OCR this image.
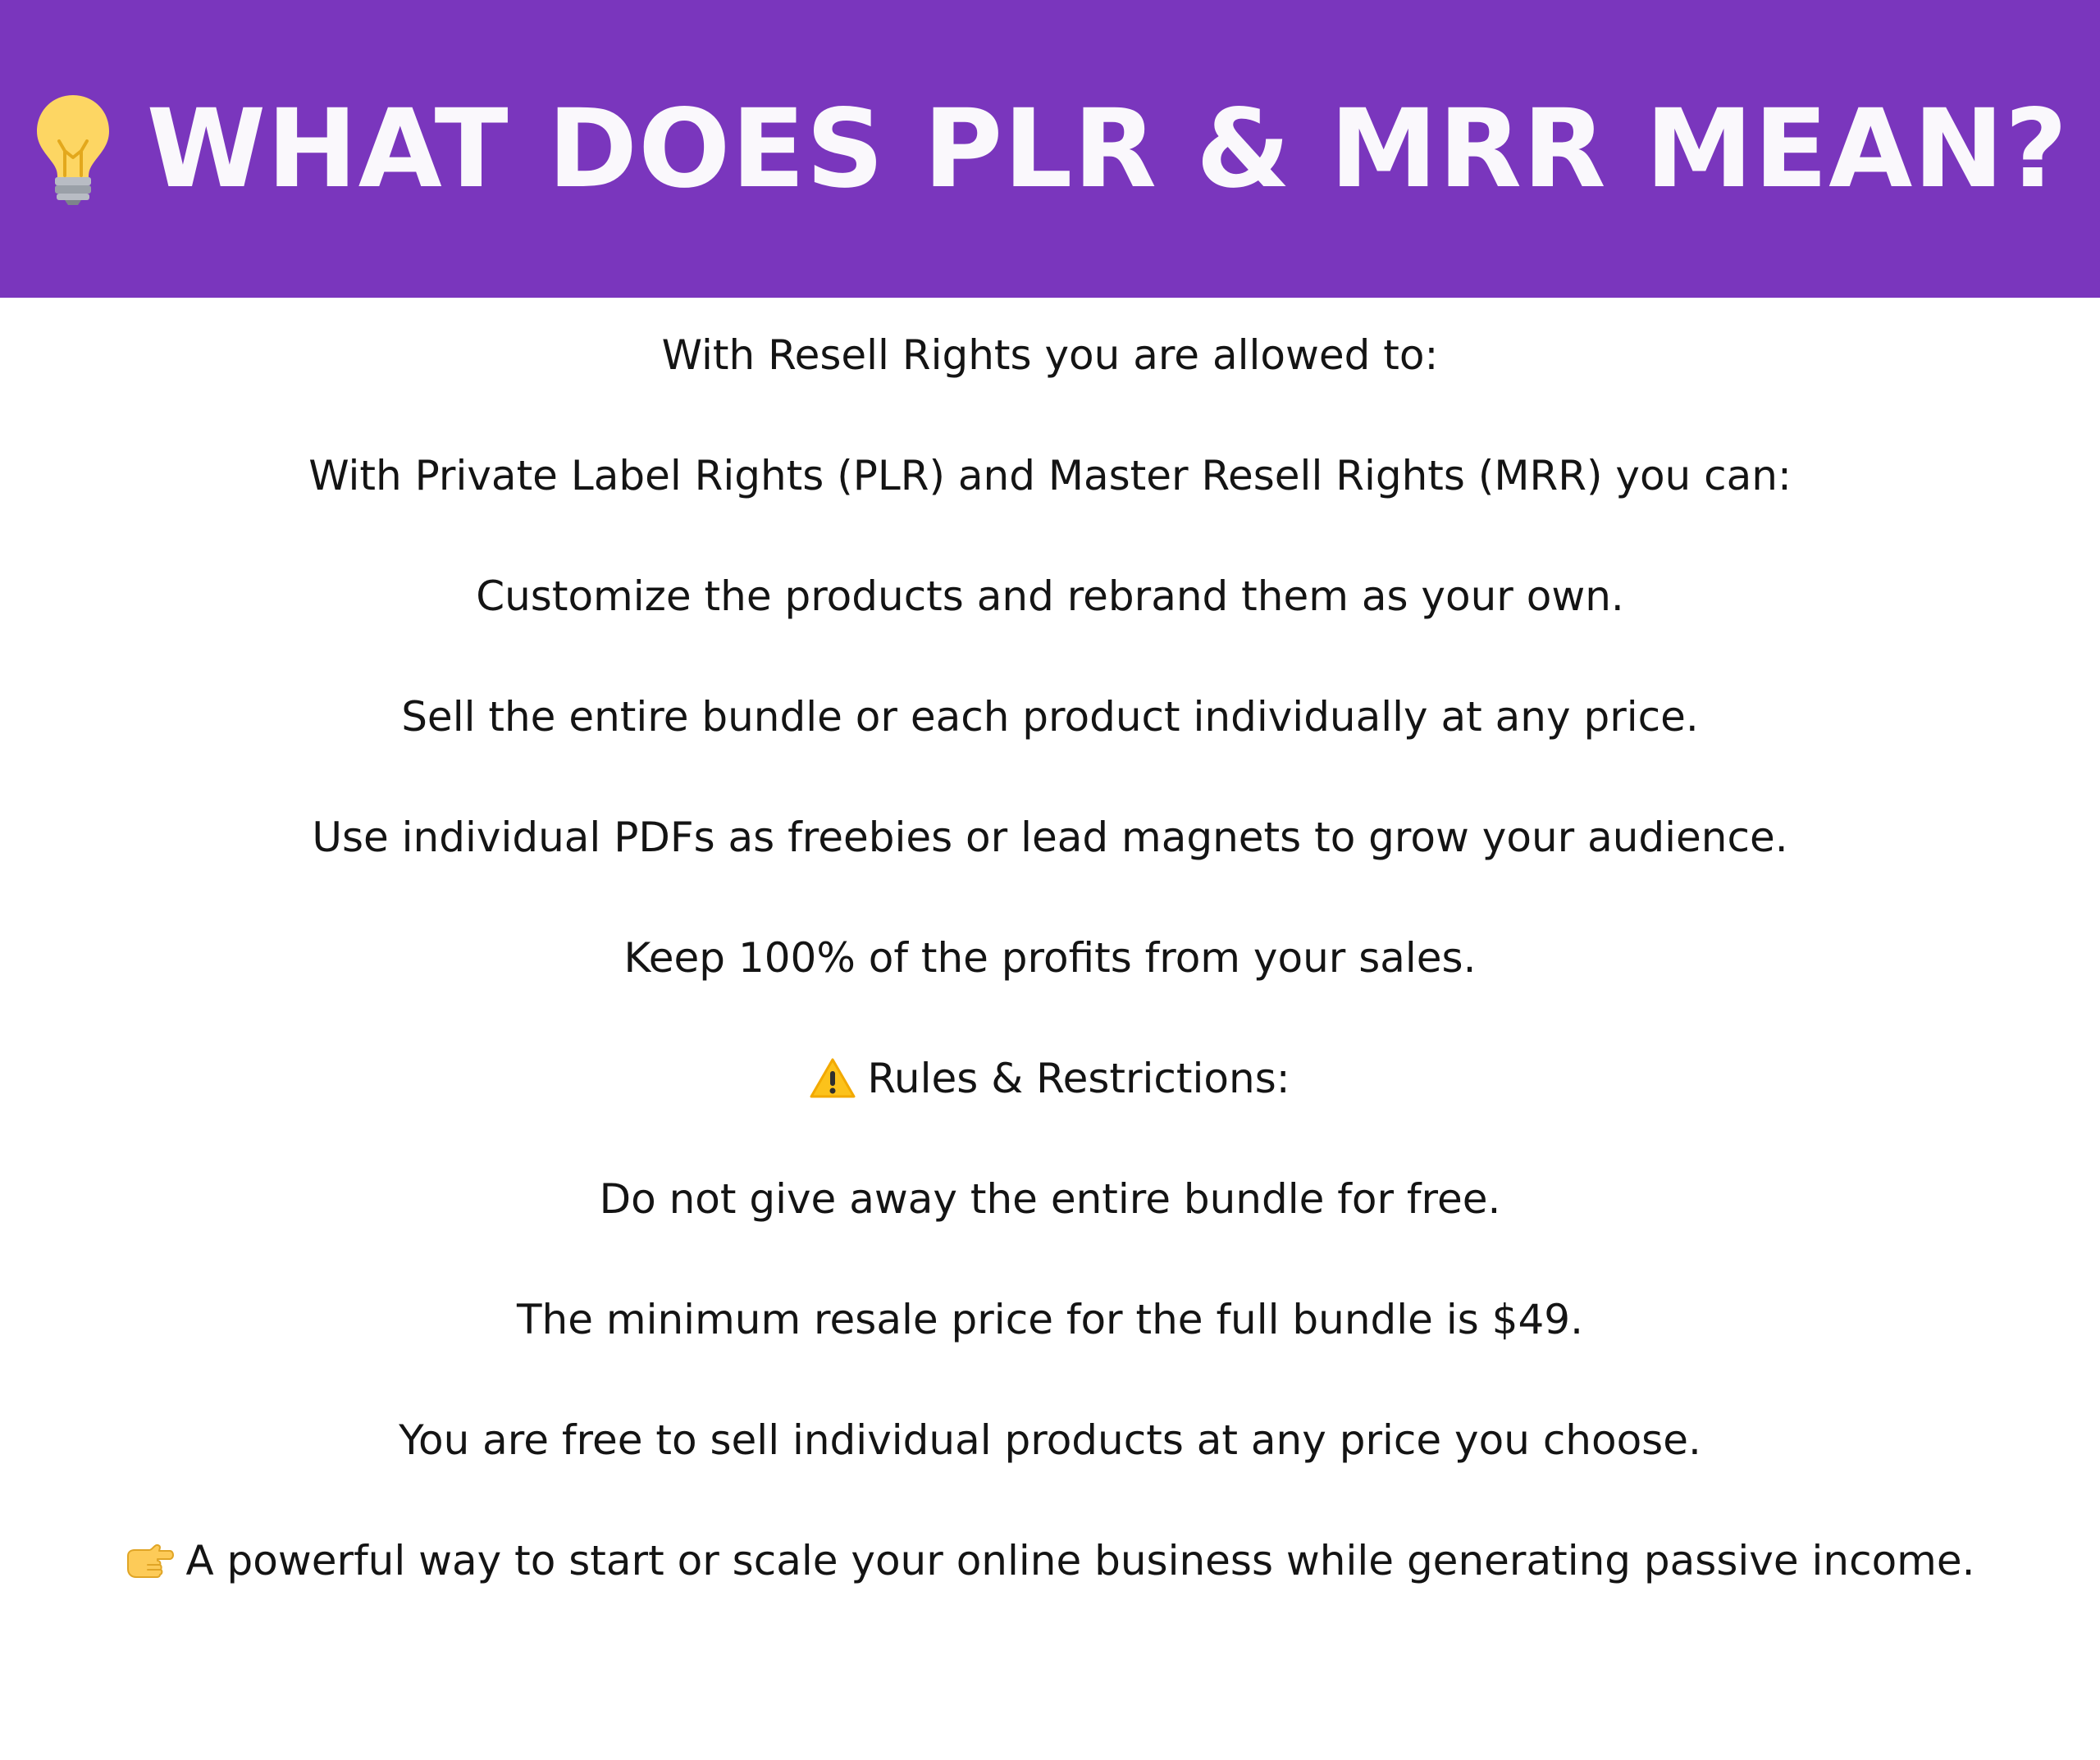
WHAT DOES PLR & MRR MEAN?
With Resell Rights you are allowed to:
With Private Label Rights (PLR) and Master Resell Rights (MRR) you can:
Customize the products and rebrand them as your own.
Sell the entire bundle or each product individually at any price.
Use individual PDFs as freebies or lead magnets to grow your audience.
Keep 100% of the profits from your sales.
Rules & Restrictions:
Do not give away the entire bundle for free.
The minimum resale price for the full bundle is $49.
You are free to sell individual products at any price you choose.
A powerful way to start or scale your online business while generating passive income.
